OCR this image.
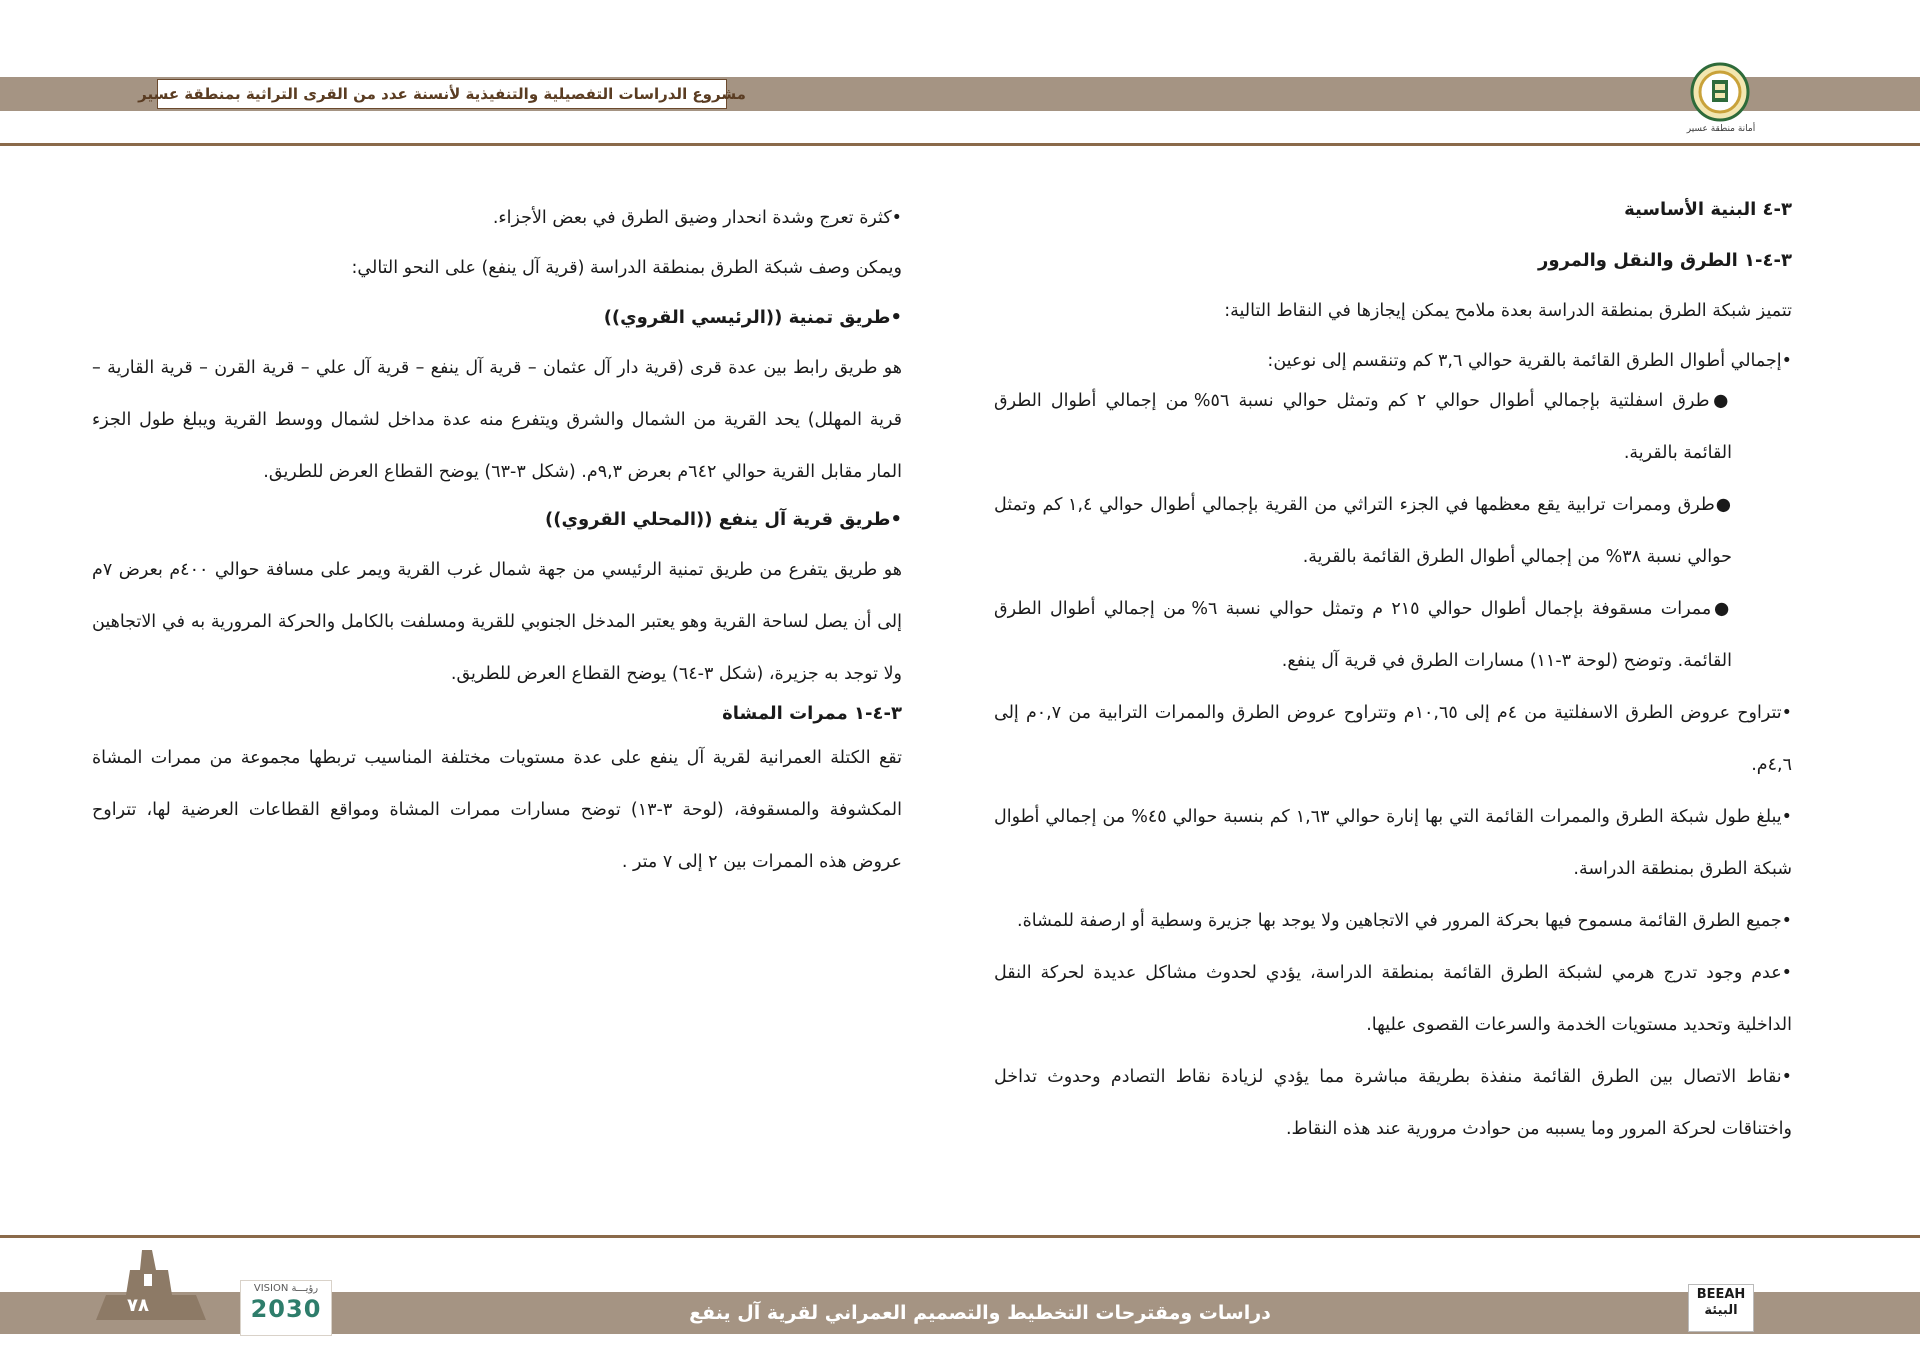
مشروع الدراسات التفصيلية والتنفيذية لأنسنة عدد من القرى التراثية بمنطقة عسير
أمانة منطقة عسير

٣-٤ البنية الأساسية

٣-٤-١ الطرق والنقل والمرور

تتميز شبكة الطرق بمنطقة الدراسة بعدة ملامح يمكن إيجازها في النقاط التالية:

•إجمالي أطوال الطرق القائمة بالقرية حوالي ٣,٦ كم وتنقسم إلى نوعين:

●طرق اسفلتية بإجمالي أطوال حوالي ٢ كم وتمثل حوالي نسبة ٥٦% من إجمالي أطوال الطرق القائمة بالقرية.

●طرق وممرات ترابية يقع معظمها في الجزء التراثي من القرية بإجمالي أطوال حوالي ١,٤ كم وتمثل حوالي نسبة ٣٨% من إجمالي أطوال الطرق القائمة بالقرية.

●ممرات مسقوفة بإجمال أطوال حوالي ٢١٥ م وتمثل حوالي نسبة ٦% من إجمالي أطوال الطرق القائمة. وتوضح (لوحة ٣-١١) مسارات الطرق في قرية آل ينفع.

•تتراوح عروض الطرق الاسفلتية من ٤م إلى ١٠,٦٥م وتتراوح عروض الطرق والممرات الترابية من ٠,٧م إلى ٤,٦م.

•يبلغ طول شبكة الطرق والممرات القائمة التي بها إنارة حوالي ١,٦٣ كم بنسبة حوالي ٤٥% من إجمالي أطوال شبكة الطرق بمنطقة الدراسة.

•جميع الطرق القائمة مسموح فيها بحركة المرور في الاتجاهين ولا يوجد بها جزيرة وسطية أو ارصفة للمشاة.

•عدم وجود تدرج هرمي لشبكة الطرق القائمة بمنطقة الدراسة، يؤدي لحدوث مشاكل عديدة لحركة النقل الداخلية وتحديد مستويات الخدمة والسرعات القصوى عليها.

•نقاط الاتصال بين الطرق القائمة منفذة بطريقة مباشرة مما يؤدي لزيادة نقاط التصادم وحدوث تداخل واختناقات لحركة المرور وما يسببه من حوادث مرورية عند هذه النقاط.

•كثرة تعرج وشدة انحدار وضيق الطرق في بعض الأجزاء.

ويمكن وصف شبكة الطرق بمنطقة الدراسة (قرية آل ينفع) على النحو التالي:

•طريق تمنية ((الرئيسي القروي))

هو طريق رابط بين عدة قرى (قرية دار آل عثمان – قرية آل ينفع – قرية آل علي – قرية القرن – قرية القارية – قرية المهلل) يحد القرية من الشمال والشرق ويتفرع منه عدة مداخل لشمال ووسط القرية ويبلغ طول الجزء المار مقابل القرية حوالي ٦٤٢م بعرض ٩,٣م. (شكل ٣-٦٣) يوضح القطاع العرض للطريق.

•طريق قرية آل ينفع ((المحلي القروي))

هو طريق يتفرع من طريق تمنية الرئيسي من جهة شمال غرب القرية ويمر على مسافة حوالي ٤٠٠م بعرض ٧م إلى أن يصل لساحة القرية وهو يعتبر المدخل الجنوبي للقرية ومسلفت بالكامل والحركة المرورية به في الاتجاهين ولا توجد به جزيرة، (شكل ٣-٦٤) يوضح القطاع العرض للطريق.

٣-٤-١ ممرات المشاة

تقع الكتلة العمرانية لقرية آل ينفع على عدة مستويات مختلفة المناسيب تربطها مجموعة من ممرات المشاة المكشوفة والمسقوفة، (لوحة ٣-١٣) توضح مسارات ممرات المشاة ومواقع القطاعات العرضية لها، تتراوح عروض هذه الممرات بين ٢ إلى ٧ متر .

٧٨
VISION رؤيـــة
2030	دراسات ومقترحات التخطيط والتصميم العمراني لقرية آل ينفع
BEEAH
البيئة
